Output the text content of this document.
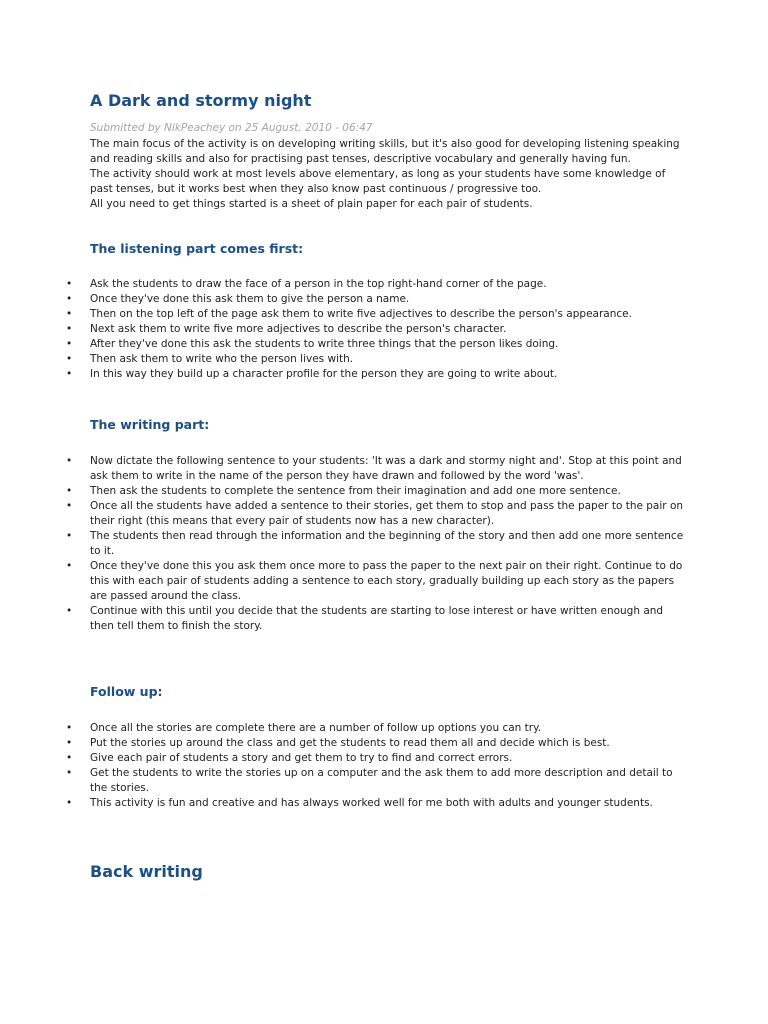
A Dark and stormy night
Submitted by NikPeachey on 25 August, 2010 - 06:47

The main focus of the activity is on developing writing skills, but it's also good for developing listening speaking and reading skills and also for practising past tenses, descriptive vocabulary and generally having fun.

The activity should work at most levels above elementary, as long as your students have some knowledge of past tenses, but it works best when they also know past continuous / progressive too.

All you need to get things started is a sheet of plain paper for each pair of students.

The listening part comes first:
• Ask the students to draw the face of a person in the top right-hand corner of the page.
• Once they've done this ask them to give the person a name.
• Then on the top left of the page ask them to write five adjectives to describe the person's appearance.
• Next ask them to write five more adjectives to describe the person's character.
• After they've done this ask the students to write three things that the person likes doing.
• Then ask them to write who the person lives with.
• In this way they build up a character profile for the person they are going to write about.
The writing part:
• Now dictate the following sentence to your students: 'It was a dark and stormy night and'. Stop at this point and ask them to write in the name of the person they have drawn and followed by the word 'was'.
• Then ask the students to complete the sentence from their imagination and add one more sentence.
• Once all the students have added a sentence to their stories, get them to stop and pass the paper to the pair on their right (this means that every pair of students now has a new character).
• The students then read through the information and the beginning of the story and then add one more sentence to it.
• Once they've done this you ask them once more to pass the paper to the next pair on their right. Continue to do this with each pair of students adding a sentence to each story, gradually building up each story as the papers are passed around the class.
• Continue with this until you decide that the students are starting to lose interest or have written enough and then tell them to finish the story.
Follow up:
• Once all the stories are complete there are a number of follow up options you can try.
• Put the stories up around the class and get the students to read them all and decide which is best.
• Give each pair of students a story and get them to try to find and correct errors.
• Get the students to write the stories up on a computer and the ask them to add more description and detail to the stories.
• This activity is fun and creative and has always worked well for me both with adults and younger students.
Back writing
